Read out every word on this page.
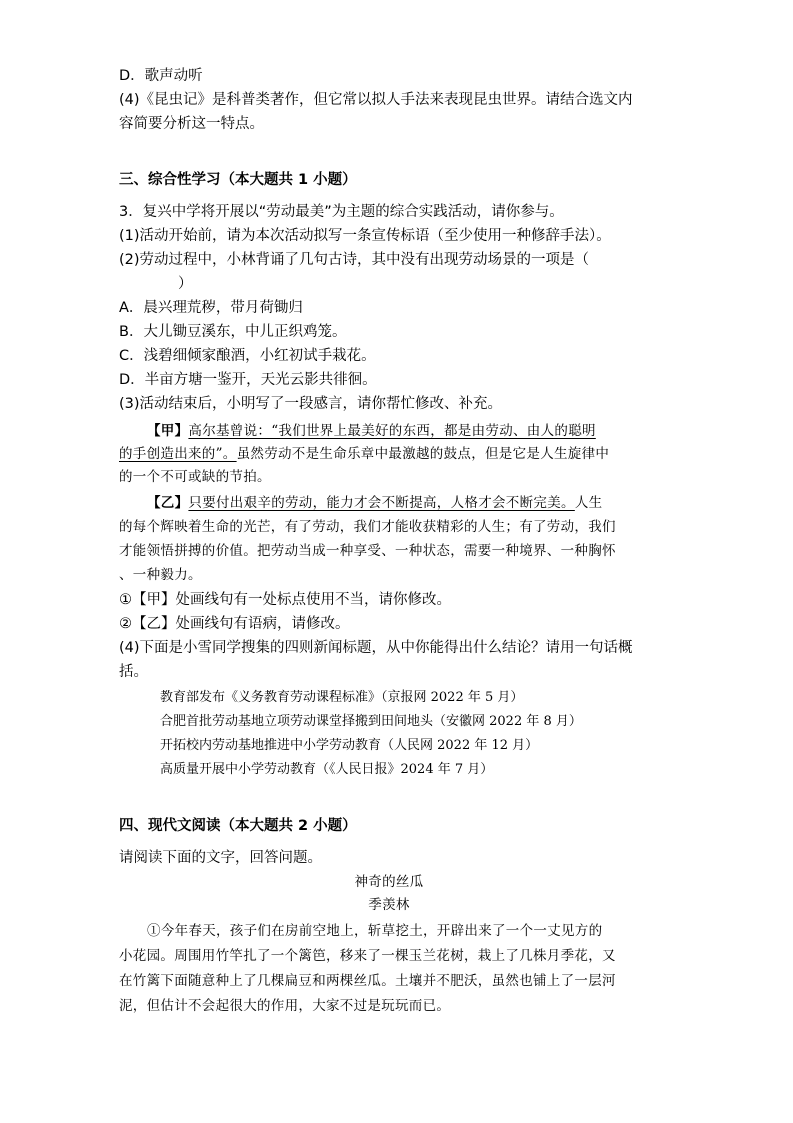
D．歌声动听
(4)《昆虫记》是科普类著作，但它常以拟人手法来表现昆虫世界。请结合选文内
容简要分析这一特点。
三、综合性学习（本大题共 1 小题）
3．复兴中学将开展以“劳动最美”为主题的综合实践活动，请你参与。
(1)活动开始前，请为本次活动拟写一条宣传标语（至少使用一种修辞手法）。
(2)劳动过程中，小林背诵了几句古诗，其中没有出现劳动场景的一项是（
）
A．晨兴理荒秽，带月荷锄归
B．大儿锄豆溪东，中儿正织鸡笼。
C．浅碧细倾家酿酒，小红初试手栽花。
D．半亩方塘一鉴开，天光云影共徘徊。
(3)活动结束后，小明写了一段感言，请你帮忙修改、补充。
【甲】高尔基曾说：“我们世界上最美好的东西，都是由劳动、由人的聪明
的手创造出来的”。虽然劳动不是生命乐章中最激越的鼓点，但是它是人生旋律中
的一个不可或缺的节拍。
【乙】只要付出艰辛的劳动，能力才会不断提高，人格才会不断完美。人生
的每个辉映着生命的光芒，有了劳动，我们才能收获精彩的人生；有了劳动，我们
才能领悟拼搏的价值。把劳动当成一种享受、一种状态，需要一种境界、一种胸怀
、一种毅力。
①【甲】处画线句有一处标点使用不当，请你修改。
②【乙】处画线句有语病，请修改。
(4)下面是小雪同学搜集的四则新闻标题，从中你能得出什么结论？请用一句话概
括。
教育部发布《义务教育劳动课程标准》（京报网 2022 年 5 月）
合肥首批劳动基地立项劳动课堂择搬到田间地头（安徽网 2022 年 8 月）
开拓校内劳动基地推进中小学劳动教育（人民网 2022 年 12 月）
高质量开展中小学劳动教育（《人民日报》2024 年 7 月）
四、现代文阅读（本大题共 2 小题）
请阅读下面的文字，回答问题。
神奇的丝瓜
季羡林
①今年春天，孩子们在房前空地上，斩草挖土，开辟出来了一个一丈见方的
小花园。周围用竹竿扎了一个篱笆，移来了一棵玉兰花树，栽上了几株月季花，又
在竹篱下面随意种上了几棵扁豆和两棵丝瓜。土壤并不肥沃，虽然也铺上了一层河
泥，但估计不会起很大的作用，大家不过是玩玩而已。
